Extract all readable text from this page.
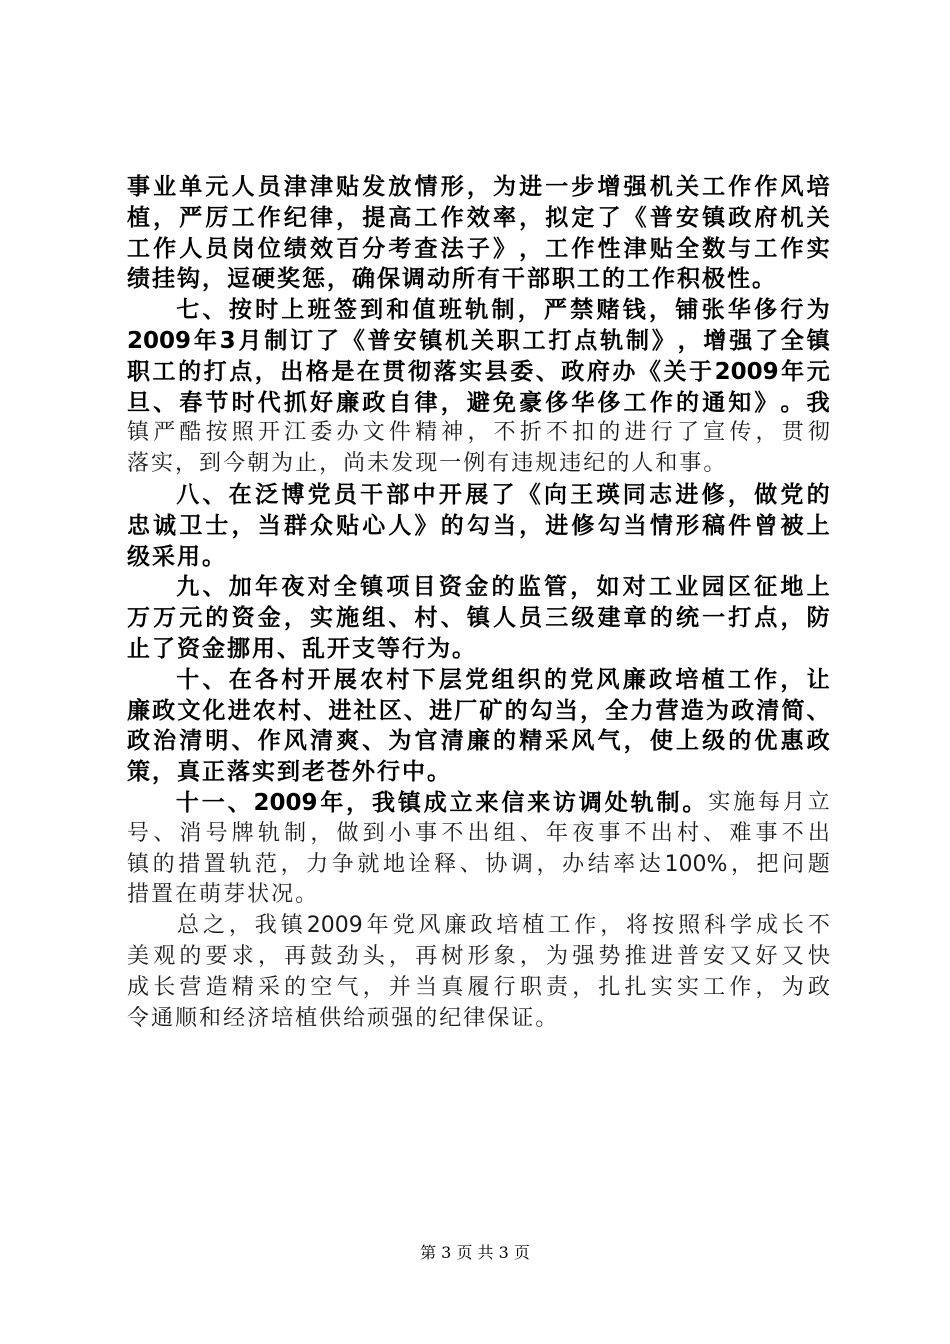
事 业 单 元 人 员 津 津 贴 发 放 情 形 ， 为 进 一 步 增 强 机 关 工 作 作 风 培
植 ， 严 厉 工 作 纪 律 ， 提 高 工 作 效 率 ， 拟 定 了 《 普 安 镇 政 府 机 关
工 作 人 员 岗 位 绩 效 百 分 考 查 法 子 》 ， 工 作 性 津 贴 全 数 与 工 作 实
绩 挂 钩 ， 逗 硬 奖 惩 ， 确 保 调 动 所 有 干 部 职 工 的 工 作 积 极 性 。
七 、 按 时 上 班 签 到 和 值 班 轨 制 ， 严 禁 赌 钱 ， 铺 张 华 侈 行 为
2009 年 3 月 制 订 了 《 普 安 镇 机 关 职 工 打 点 轨 制 》 ， 增 强 了 全 镇
职 工 的 打 点 ， 出 格 是 在 贯 彻 落 实 县 委 、 政 府 办 《 关 于 2009 年 元
旦 、 春 节 时 代 抓 好 廉 政 自 律 ， 避 免 豪 侈 华 侈 工 作 的 通 知 》 。 我
镇 严 酷 按 照 开 江 委 办 文 件 精 神 ， 不 折 不 扣 的 进 行 了 宣 传 ， 贯 彻
落 实 ， 到 今 朝 为 止 ， 尚 未 发 现 一 例 有 违 规 违 纪 的 人 和 事 。
八 、 在 泛 博 党 员 干 部 中 开 展 了 《 向 王 瑛 同 志 进 修 ， 做 党 的
忠 诚 卫 士 ， 当 群 众 贴 心 人 》 的 勾 当 ， 进 修 勾 当 情 形 稿 件 曾 被 上
级 采 用 。
九 、 加 年 夜 对 全 镇 项 目 资 金 的 监 管 ， 如 对 工 业 园 区 征 地 上
万 万 元 的 资 金 ， 实 施 组 、 村 、 镇 人 员 三 级 建 章 的 统 一 打 点 ， 防
止 了 资 金 挪 用 、 乱 开 支 等 行 为 。
十 、 在 各 村 开 展 农 村 下 层 党 组 织 的 党 风 廉 政 培 植 工 作 ， 让
廉 政 文 化 进 农 村 、 进 社 区 、 进 厂 矿 的 勾 当 ， 全 力 营 造 为 政 清 简 、
政 治 清 明 、 作 风 清 爽 、 为 官 清 廉 的 精 采 风 气 ， 使 上 级 的 优 惠 政
策 ， 真 正 落 实 到 老 苍 外 行 中 。
十 一 、 2009 年 ， 我 镇 成 立 来 信 来 访 调 处 轨 制 。 实 施 每 月 立
号 、 消 号 牌 轨 制 ， 做 到 小 事 不 出 组 、 年 夜 事 不 出 村 、 难 事 不 出
镇 的 措 置 轨 范 ， 力 争 就 地 诠 释 、 协 调 ， 办 结 率 达 100% ， 把 问 题
措 置 在 萌 芽 状 况 。
总 之 ， 我 镇 2009 年 党 风 廉 政 培 植 工 作 ， 将 按 照 科 学 成 长 不
美 观 的 要 求 ， 再 鼓 劲 头 ， 再 树 形 象 ， 为 强 势 推 进 普 安 又 好 又 快
成 长 营 造 精 采 的 空 气 ， 并 当 真 履 行 职 责 ， 扎 扎 实 实 工 作 ， 为 政
令 通 顺 和 经 济 培 植 供 给 顽 强 的 纪 律 保 证 。
第 3 页 共 3 页
